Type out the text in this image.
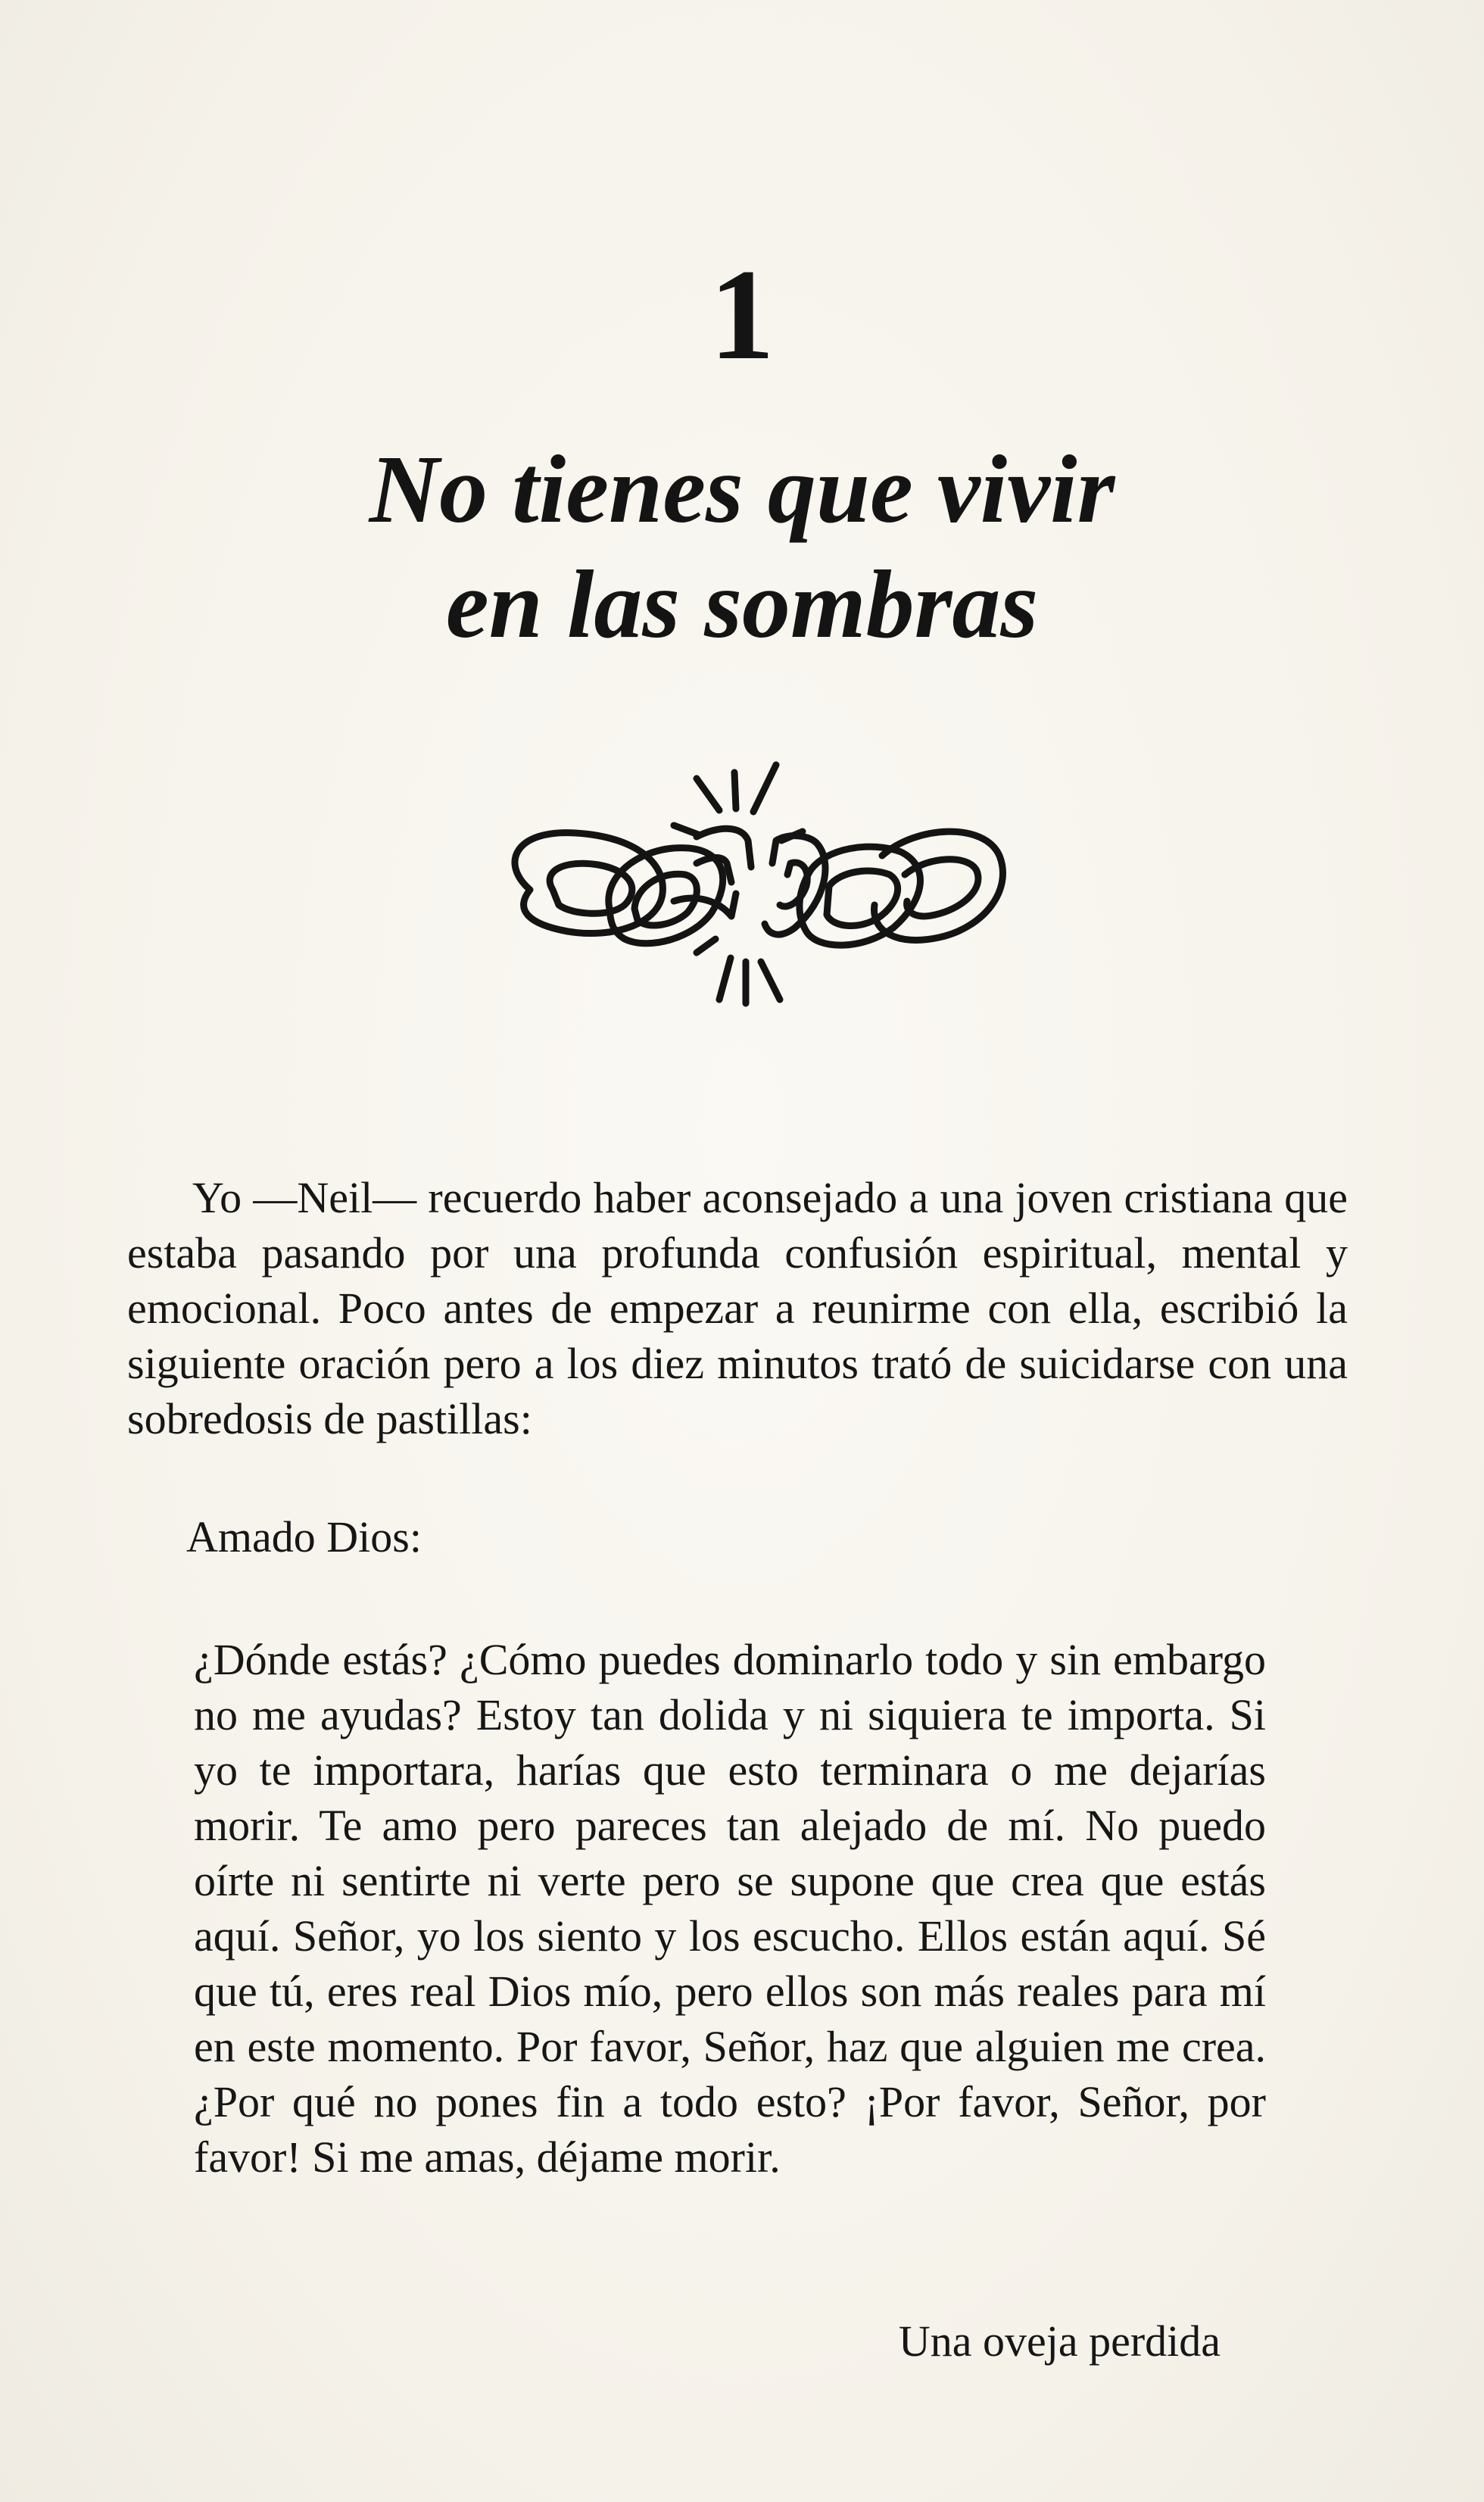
1
No tienes que vivir
en las sombras
Yo —Neil— recuerdo haber aconsejado a una joven cristiana que estaba pasando por una profunda confusión espiritual, mental y emocional. Poco antes de empezar a reunirme con ella, escribió la siguiente oración pero a los diez minutos trató de suicidarse con una sobredosis de pastillas:
Amado Dios:
¿Dónde estás? ¿Cómo puedes dominarlo todo y sin embargo no me ayudas? Estoy tan dolida y ni siquiera te importa. Si yo te importara, harías que esto terminara o me dejarías morir. Te amo pero pareces tan alejado de mí. No puedo oírte ni sentirte ni verte pero se supone que crea que estás aquí. Señor, yo los siento y los escucho. Ellos están aquí. Sé que tú, eres real Dios mío, pero ellos son más reales para mí en este momento. Por favor, Señor, haz que alguien me crea. ¿Por qué no pones fin a todo esto? ¡Por favor, Señor, por favor! Si me amas, déjame morir.
Una oveja perdida
